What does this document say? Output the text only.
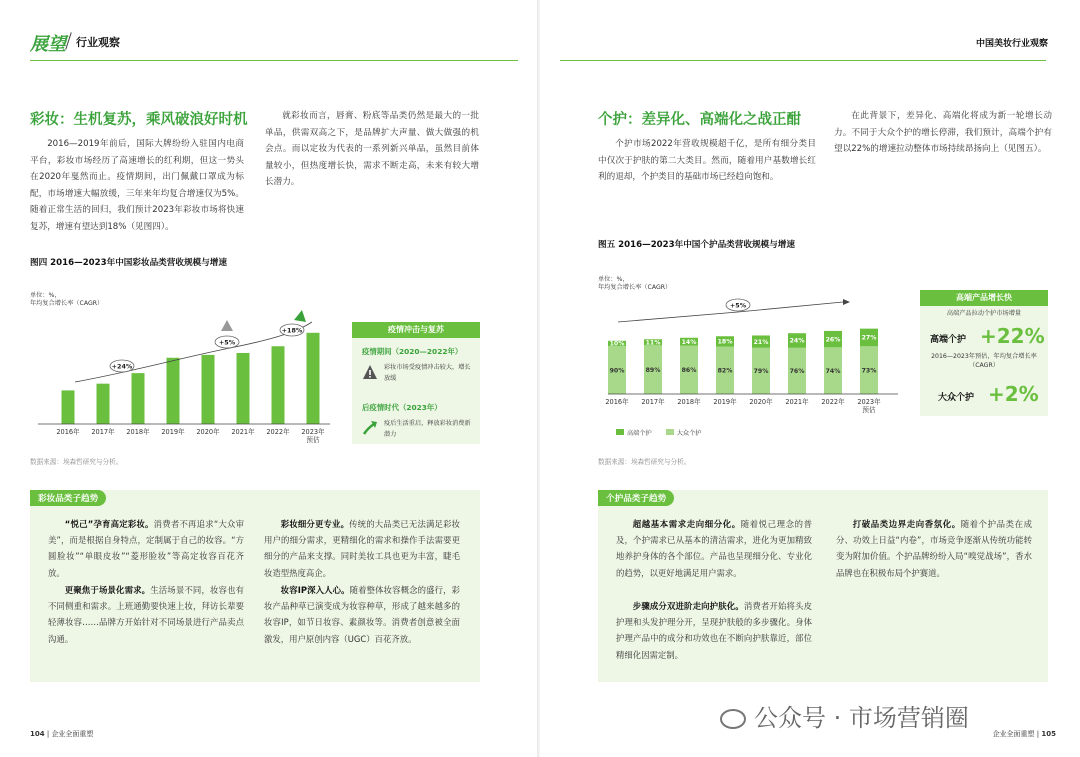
展望 行业观察
彩妆：生机复苏，乘风破浪好时机
2016—2019年前后，国际大牌纷纷入驻国内电商平台，彩妆市场经历了高速增长的红利期，但这一势头在2020年戛然而止。疫情期间，出门佩戴口罩成为标配，市场增速大幅放缓，三年来年均复合增速仅为5%。随着正常生活的回归，我们预计2023年彩妆市场将快速复苏，增速有望达到18%（见图四）。
就彩妆而言，唇膏、粉底等品类仍然是最大的一批单品，供需双高之下，是品牌扩大声量、做大做强的机会点。而以定妆为代表的一系列新兴单品，虽然目前体量较小，但热度增长快，需求不断走高，未来有较大增长潜力。
图四 2016—2023年中国彩妆品类营收规模与增速
单位：%，
年均复合增长率（CAGR）
+24%
+5%
+18%
2016年 2017年 2018年 2019年 2020年 2021年 2022年 2023年预估
疫情冲击与复苏
疫情期间（2020—2022年）
彩妆市场受疫情冲击较大，增长放缓
后疫情时代（2023年）
疫后生活重启，释放彩妆消费新潜力
数据来源：埃森哲研究与分析。
彩妆品类子趋势
“悦己”孕育高定彩妆。消费者不再追求“大众审美”，而是根据自身特点，定制属于自己的妆容。“方圆脸妆”“单眼皮妆”“菱形脸妆”等高定妆容百花齐放。
更聚焦于场景化需求。生活场景不同，妆容也有不同侧重和需求。上班通勤要快速上妆，拜访长辈要轻薄妆容……品牌方开始针对不同场景进行产品卖点沟通。
彩妆细分更专业。传统的大品类已无法满足彩妆用户的细分需求，更精细化的需求和操作手法需要更细分的产品来支撑。同时美妆工具也更为丰富，睫毛妆造型热度高企。
妆容IP深入人心。随着整体妆容概念的盛行，彩妆产品种草已演变成为妆容种草，形成了越来越多的妆容IP，如节日妆容、素颜妆等。消费者创意被全面激发，用户原创内容（UGC）百花齐放。
104 | 企业全面重塑
中国美妆行业观察
个护：差异化、高端化之战正酣
个护市场2022年营收规模超千亿，是所有细分类目中仅次于护肤的第二大类目。然而，随着用户基数增长红利的退却，个护类目的基础市场已经趋向饱和。
在此背景下，差异化、高端化将成为新一轮增长动力。不同于大众个护的增长停滞，我们预计，高端个护有望以22%的增速拉动整体市场持续昂扬向上（见图五）。
图五 2016—2023年中国个护品类营收规模与增速
单位：%，
年均复合增长率（CAGR）
10%
90%
11%
89%
14%
86%
18%
82%
21%
79%
24%
76%
26%
74%
27%
73%
+5%
2016年 2017年 2018年 2019年 2020年 2021年 2022年 2023年预估
高端个护	大众个护
高端产品增长快
高端产品拉动个护市场增量
高端个护 +22%
2016—2023年预估，年均复合增长率（CAGR）
大众个护 +2%
数据来源：埃森哲研究与分析。
个护品类子趋势
超越基本需求走向细分化。随着悦己理念的普及，个护需求已从基本的清洁需求，进化为更加精致地养护身体的各个部位。产品也呈现细分化、专业化的趋势，以更好地满足用户需求。
步骤成分双进阶走向护肤化。消费者开始将头皮护理和头发护理分开，呈现护肤般的多步骤化。身体护理产品中的成分和功效也在不断向护肤靠近，部位精细化因需定制。
打破品类边界走向香氛化。随着个护品类在成分、功效上日益“内卷”，市场竞争逐渐从传统功能转变为附加价值。个护品牌纷纷入局“嗅觉战场”，香水品牌也在积极布局个护赛道。
公众号 · 市场营销圈
企业全面重塑 | 105
